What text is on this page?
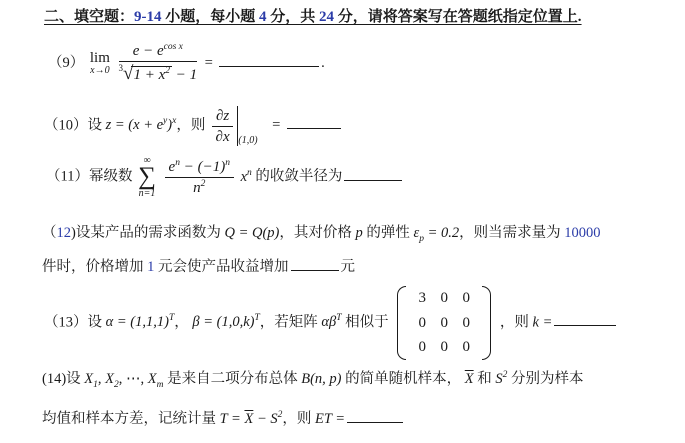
二、填空题：9-14 小题，每小题 4 分，共 24 分，请将答案写在答题纸指定位置上.
（9） lim
x→0
$\frac{e - e^{cos x}}{^3√ 1 + x^2 - 1}$ =	.
（10）设 $z = (x + e^y)^x$，则 $\frac{\partial z}{\partial x} _{(1,0)}$ =
（11）幂级数
∞
∑
n=1
$\frac{e^n - (-1)^n}{n^2} x^n$ 的收敛半径为
（12)设某产品的需求函数为 Q = Q(p)，其对价格 p 的弹性 $\varepsilon_p = 0.2$，则当需求量为 10000
件时，价格增加 1 元会使产品收益增加	元
（13）设 $\alpha = (1,1,1)^T$， $\beta = (1,0,k)^T$，若矩阵 $\alpha\beta^T$ 相似于
3 0 0
0 0 0
0 0 0
，则 k =
(14)设 $X_1$, $X_2$, ⋯, $X_m$ 是来自二项分布总体 B(n, p) 的简单随机样本， $\overline{X}$ 和 $S^2$ 分别为样本
均值和样本方差，记统计量 $T = \overline{X} - S^2$，则 ET =
